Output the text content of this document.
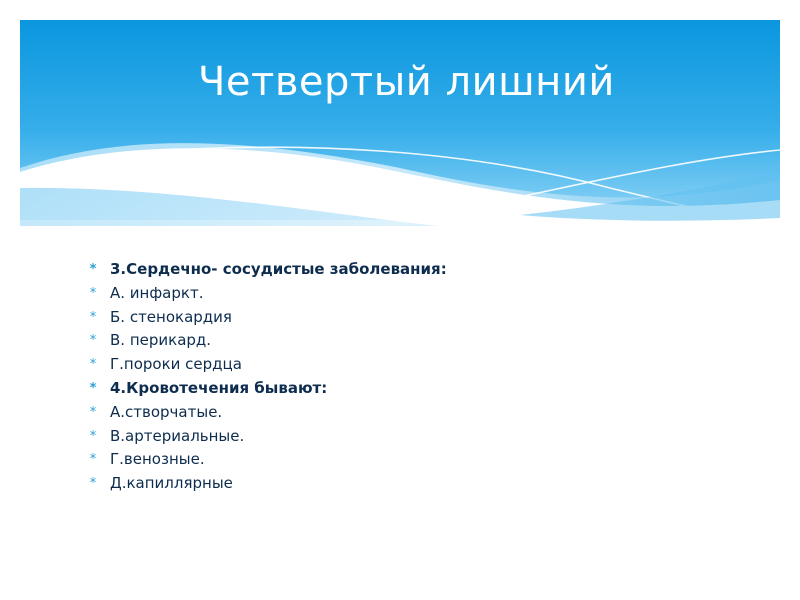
Четвертый лишний
* 3.Сердечно- сосудистые заболевания:
* А. инфаркт.
* Б. стенокардия
* В. перикард.
* Г.пороки сердца
* 4.Кровотечения бывают:
* А.створчатые.
* В.артериальные.
* Г.венозные.
* Д.капиллярные
